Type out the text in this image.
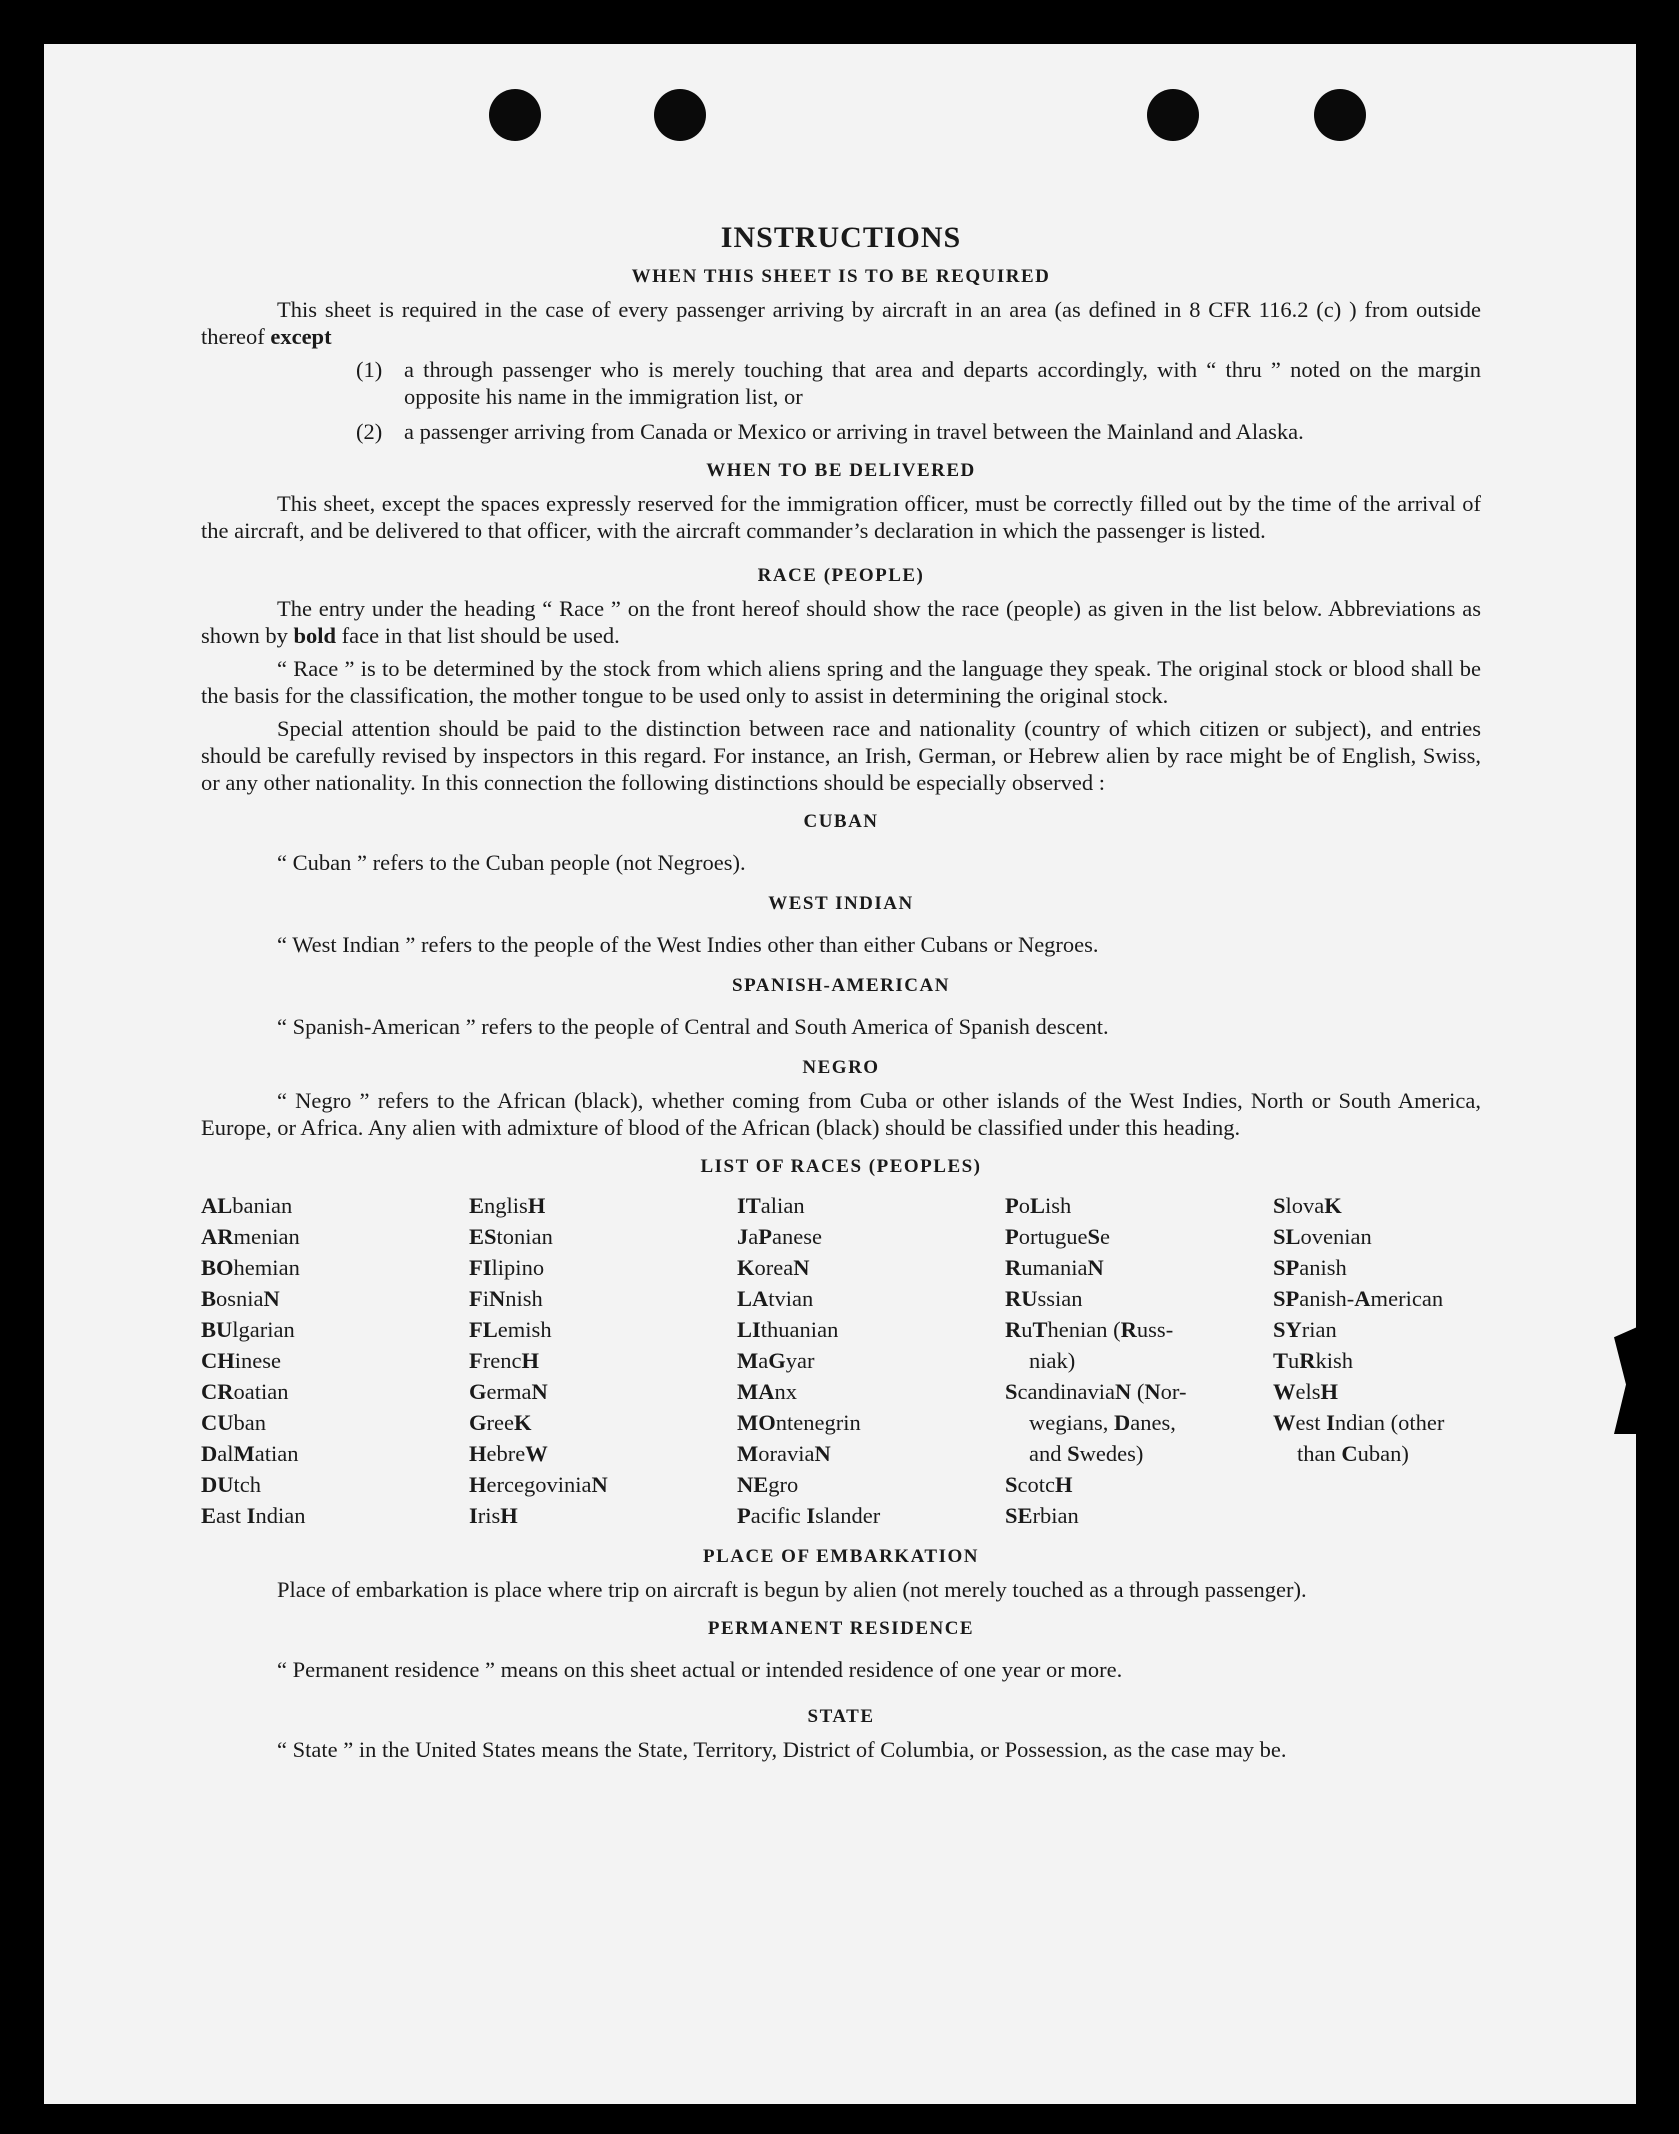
INSTRUCTIONS
WHEN THIS SHEET IS TO BE REQUIRED

This sheet is required in the case of every passenger arriving by aircraft in an area (as defined in 8 CFR 116.2 (c) ) from outside thereof except

(1) a through passenger who is merely touching that area and departs accordingly, with “ thru ” noted on the margin opposite his name in the immigration list, or
(2) a passenger arriving from Canada or Mexico or arriving in travel between the Mainland and Alaska.
WHEN TO BE DELIVERED

This sheet, except the spaces expressly reserved for the immigration officer, must be correctly filled out by the time of the arrival of the aircraft, and be delivered to that officer, with the aircraft commander’s declaration in which the passenger is listed.

RACE (PEOPLE)

The entry under the heading “ Race ” on the front hereof should show the race (people) as given in the list below. Abbreviations as shown by bold face in that list should be used.

“ Race ” is to be determined by the stock from which aliens spring and the language they speak. The original stock or blood shall be the basis for the classification, the mother tongue to be used only to assist in determining the original stock.

Special attention should be paid to the distinction between race and nationality (country of which citizen or subject), and entries should be carefully revised by inspectors in this regard. For instance, an Irish, German, or Hebrew alien by race might be of English, Swiss, or any other nationality. In this connection the following distinctions should be especially observed :

CUBAN
“ Cuban ” refers to the Cuban people (not Negroes).
WEST INDIAN
“ West Indian ” refers to the people of the West Indies other than either Cubans or Negroes.
SPANISH-AMERICAN
“ Spanish-American ” refers to the people of Central and South America of Spanish descent.
NEGRO

“ Negro ” refers to the African (black), whether coming from Cuba or other islands of the West Indies, North or South America, Europe, or Africa. Any alien with admixture of blood of the African (black) should be classified under this heading.

LIST OF RACES (PEOPLES)
ALbanian
ARmenian
BOhemian
BosniaN
BUlgarian
CHinese
CRoatian
CUban
DalMatian
DUtch
East Indian
EnglisH
EStonian
FIlipino
FiNnish
FLemish
FrencH
GermaN
GreeK
HebreW
HercegoviniaN
IrisH
ITalian
JaPanese
KoreaN
LAtvian
LIthuanian
MaGyar
MAnx
MOntenegrin
MoraviaN
NEgro
Pacific Islander
PoLish
PortugueSe
RumaniaN
RUssian
RuThenian (Russ-
niak)
ScandinaviaN (Nor-
wegians, Danes,
and Swedes)
ScotcH
SErbian
SlovaK
SLovenian
SPanish
SPanish-American
SYrian
TuRkish
WelsH
West Indian (other
than Cuban)
PLACE OF EMBARKATION

Place of embarkation is place where trip on aircraft is begun by alien (not merely touched as a through passenger).

PERMANENT RESIDENCE
“ Permanent residence ” means on this sheet actual or intended residence of one year or more.
STATE

“ State ” in the United States means the State, Territory, District of Columbia, or Possession, as the case may be.
